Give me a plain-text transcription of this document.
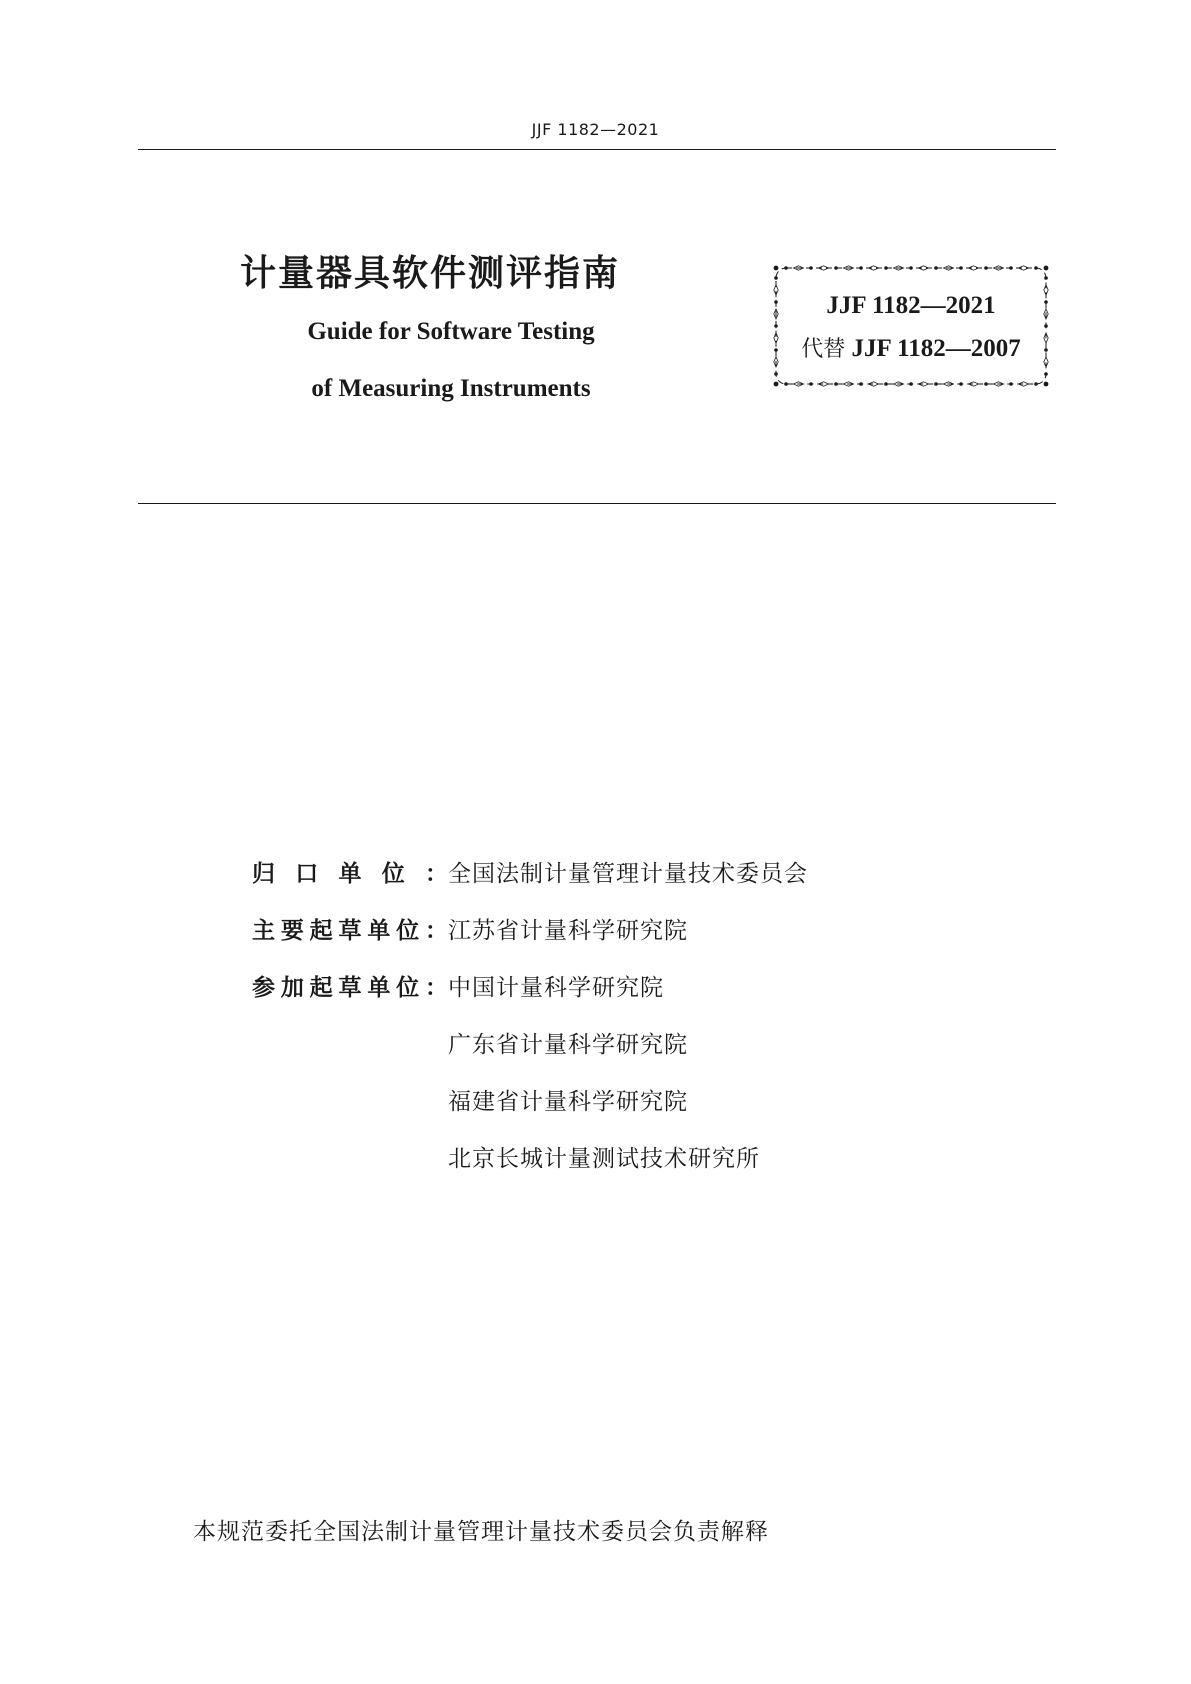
JJF 1182—2021
计量器具软件测评指南
Guide for Software Testing
of Measuring Instruments
JJF 1182—2021
代替 JJF 1182—2007
归 口 单 位 ： 全国法制计量管理计量技术委员会
主 要 起 草 单 位 ： 江苏省计量科学研究院
参 加 起 草 单 位 ： 中国计量科学研究院
广东省计量科学研究院
福建省计量科学研究院
北京长城计量测试技术研究所
本规范委托全国法制计量管理计量技术委员会负责解释
